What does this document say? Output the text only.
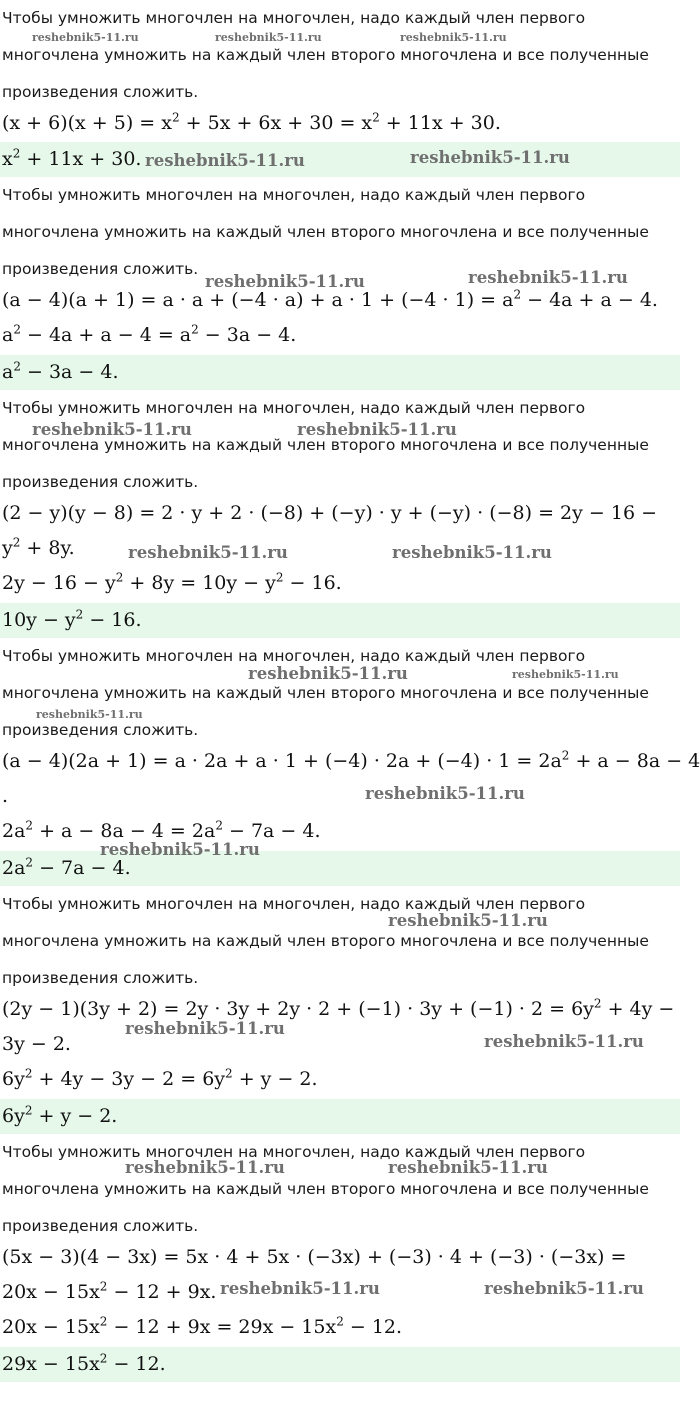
Чтобы умножить многочлен на многочлен, надо каждый член первого
многочлена умножить на каждый член второго многочлена и все полученные
произведения сложить.
$(x + 6)(x + 5) = x^2 + 5x + 6x + 30 = x^2 + 11x + 30$.
$x^2 + 11x + 30$.
Чтобы умножить многочлен на многочлен, надо каждый член первого
многочлена умножить на каждый член второго многочлена и все полученные
произведения сложить.
$(a - 4)(a + 1) = a \cdot a + (-4 \cdot a) + a \cdot 1 + (-4 \cdot 1) = a^2 - 4a + a - 4$.
$a^2 - 4a + a - 4 = a^2 - 3a - 4$.
$a^2 - 3a - 4$.
Чтобы умножить многочлен на многочлен, надо каждый член первого
многочлена умножить на каждый член второго многочлена и все полученные
произведения сложить.
(2 − y)(y − 8) = 2 · y + 2 · (−8) + (−y) · y + (−y) · (−8) = 2y − 16 −
$y^2 + 8y$.
$2y - 16 - y^2 + 8y = 10y - y^2 - 16$.
$10y - y^2 - 16$.
Чтобы умножить многочлен на многочлен, надо каждый член первого
многочлена умножить на каждый член второго многочлена и все полученные
произведения сложить.
$(a - 4)(2a + 1) = a \cdot 2a + a \cdot 1 + (-4) \cdot 2a + (-4) \cdot 1 = 2a^2 + a - 8a - 4$
.
$2a^2 + a - 8a - 4 = 2a^2 - 7a - 4$.
$2a^2 - 7a - 4$.
Чтобы умножить многочлен на многочлен, надо каждый член первого
многочлена умножить на каждый член второго многочлена и все полученные
произведения сложить.
$(2y - 1)(3y + 2) = 2y \cdot 3y + 2y \cdot 2 + (-1) \cdot 3y + (-1) \cdot 2 = 6y^2 + 4y$ −
3y − 2.
$6y^2 + 4y - 3y - 2 = 6y^2 + y - 2$.
$6y^2 + y - 2$.
Чтобы умножить многочлен на многочлен, надо каждый член первого
многочлена умножить на каждый член второго многочлена и все полученные
произведения сложить.
(5x − 3)(4 − 3x) = 5x · 4 + 5x · (−3x) + (−3) · 4 + (−3) · (−3x) =
$20x - 15x^2 - 12 + 9x$.
$20x - 15x^2 - 12 + 9x = 29x - 15x^2 - 12$.
$29x - 15x^2 - 12$.
reshebnik5-11.ru	reshebnik5-11.ru	reshebnik5-11.ru
reshebnik5-11.ru	reshebnik5-11.ru
reshebnik5-11.ru	reshebnik5-11.ru
reshebnik5-11.ru	reshebnik5-11.ru
reshebnik5-11.ru	reshebnik5-11.ru
reshebnik5-11.ru	reshebnik5-11.ru
reshebnik5-11.ru
reshebnik5-11.ru
reshebnik5-11.ru
reshebnik5-11.ru
reshebnik5-11.ru
reshebnik5-11.ru
reshebnik5-11.ru	reshebnik5-11.ru
reshebnik5-11.ru	reshebnik5-11.ru
